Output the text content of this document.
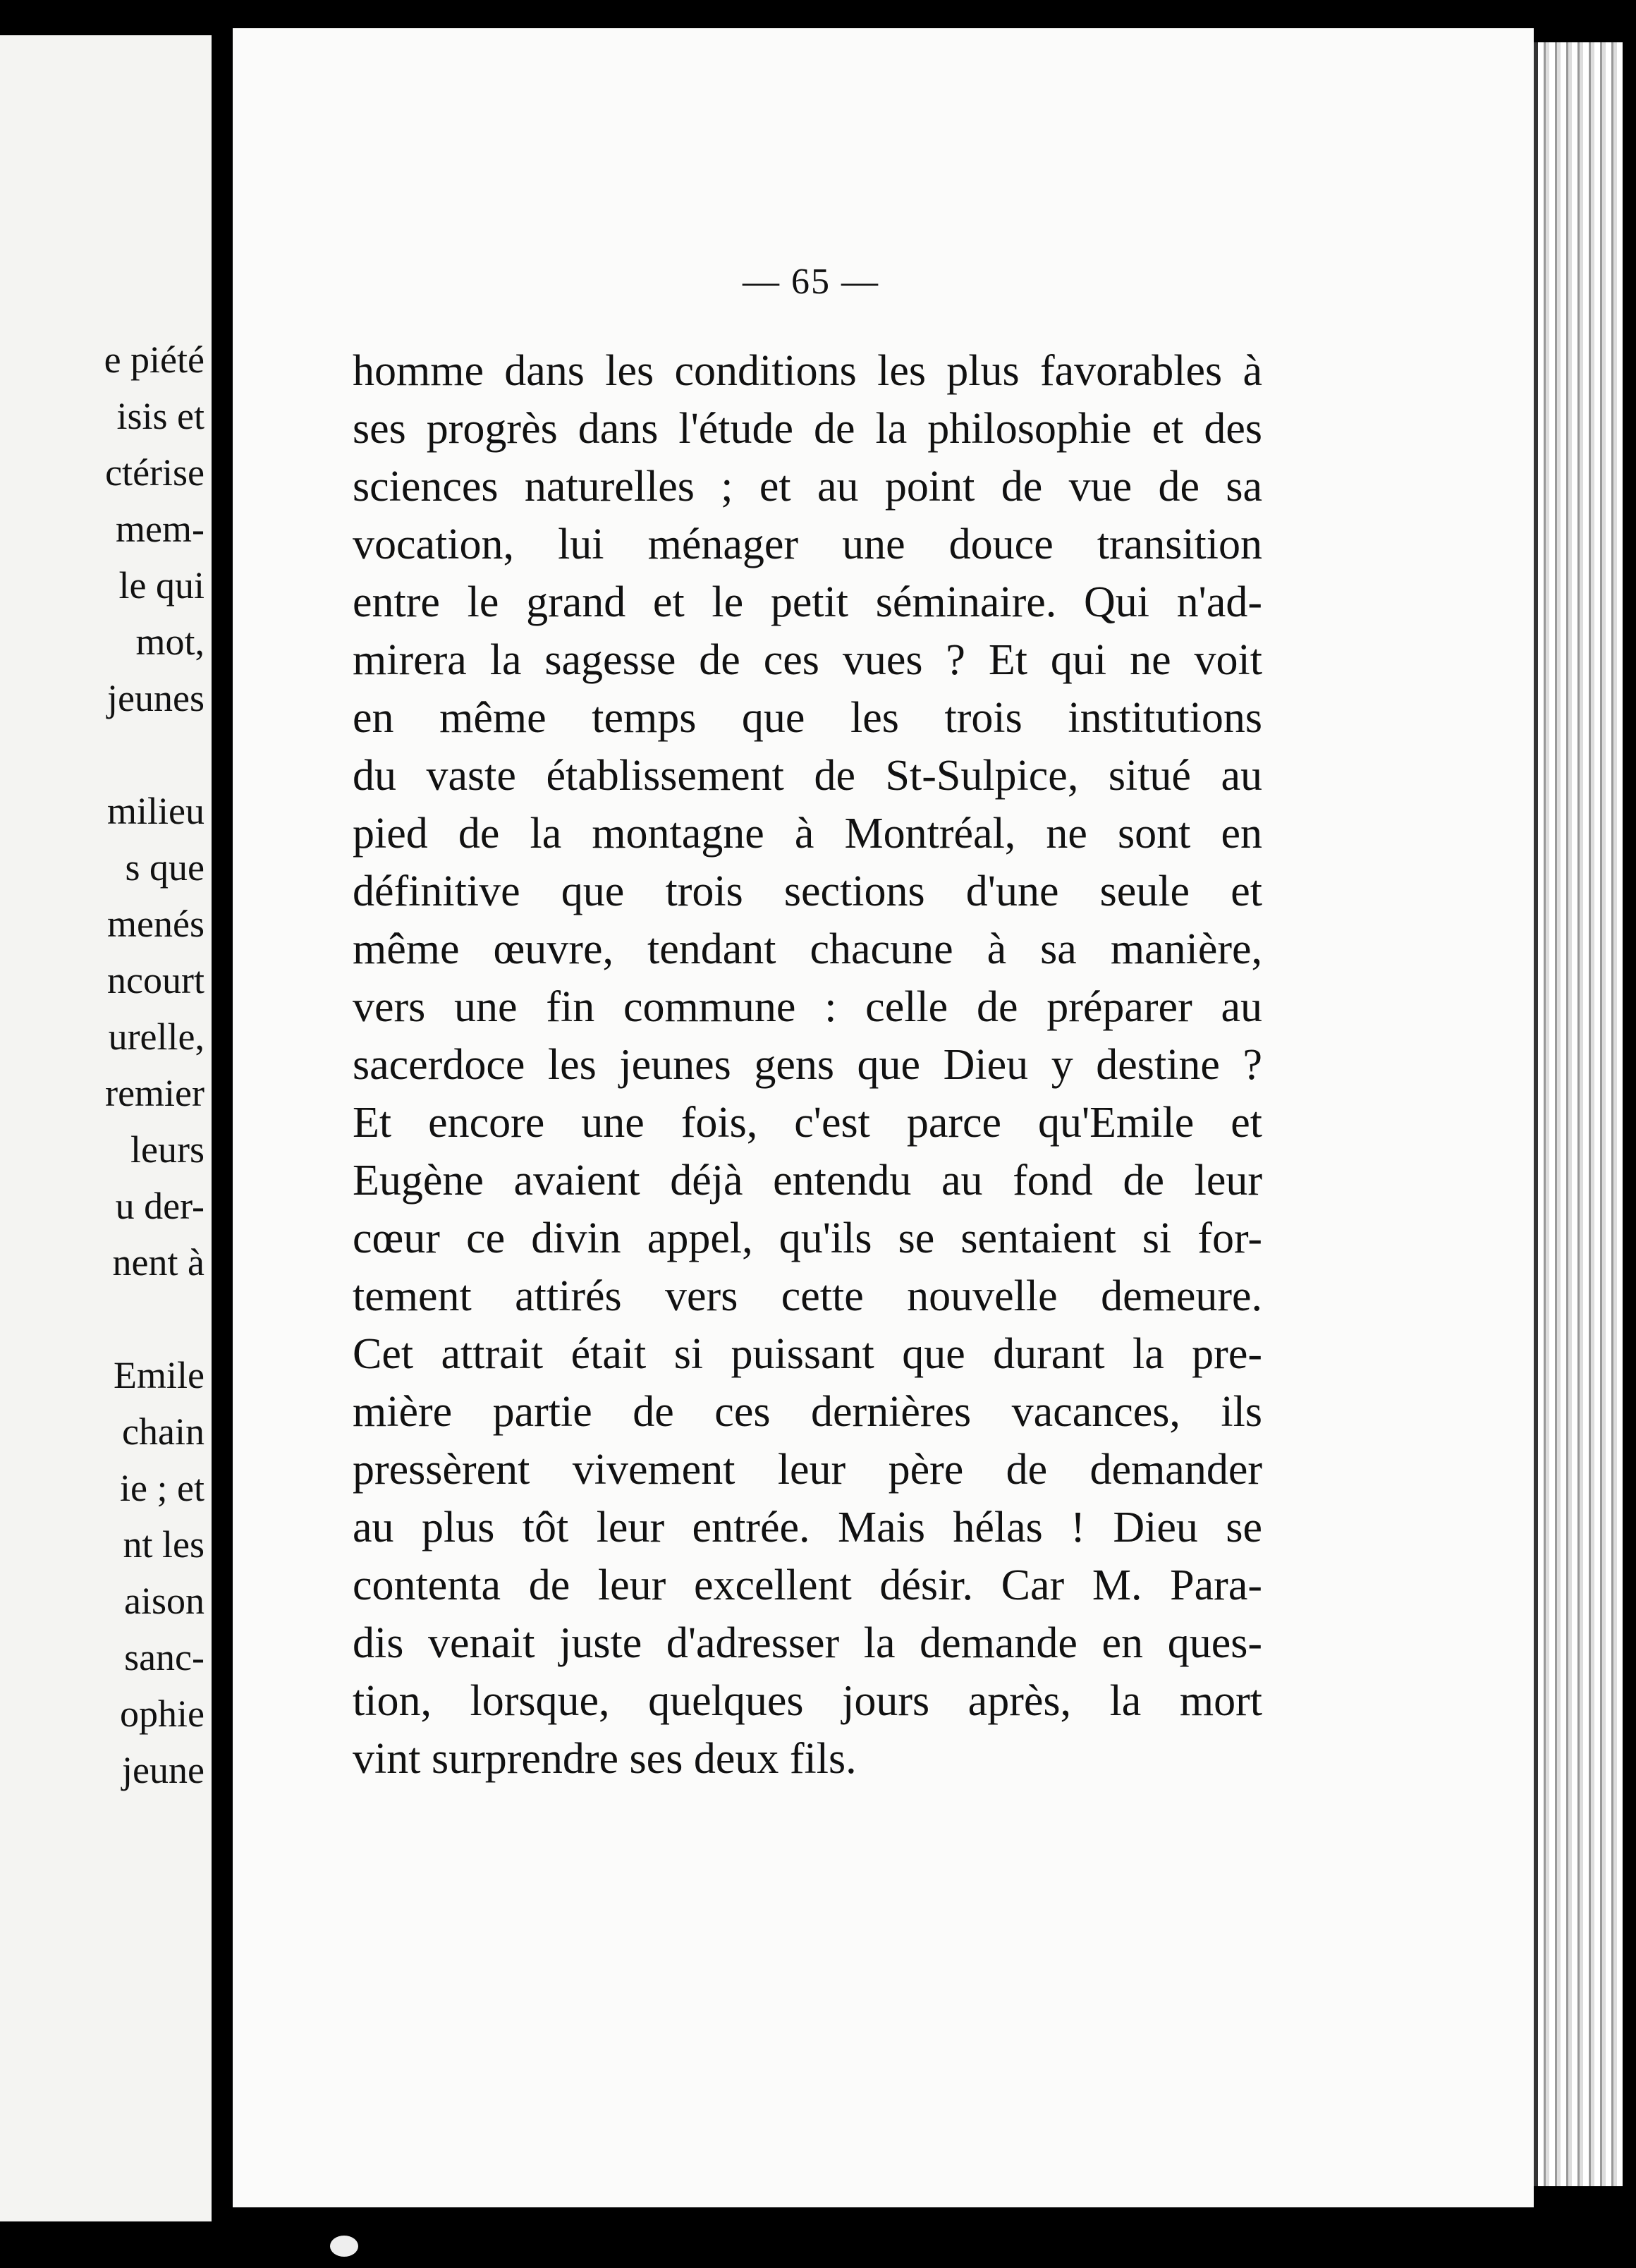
e piété
isis et
ctérise
mem-
le qui
mot,
jeunes
milieu
s que
menés
ncourt
urelle,
remier
leurs
u der-
nent à
Emile
chain
ie ; et
nt les
aison
sanc-
ophie
jeune
— 65 —
homme dans les conditions les plus favorables à
ses progrès dans l'étude de la philosophie et des
sciences naturelles ; et au point de vue de sa
vocation, lui ménager une douce transition
entre le grand et le petit séminaire. Qui n'ad-
mirera la sagesse de ces vues ? Et qui ne voit
en même temps que les trois institutions
du vaste établissement de St-Sulpice, situé au
pied de la montagne à Montréal, ne sont en
définitive que trois sections d'une seule et
même œuvre, tendant chacune à sa manière,
vers une fin commune : celle de préparer au
sacerdoce les jeunes gens que Dieu y destine ?
Et encore une fois, c'est parce qu'Emile et
Eugène avaient déjà entendu au fond de leur
cœur ce divin appel, qu'ils se sentaient si for-
tement attirés vers cette nouvelle demeure.
Cet attrait était si puissant que durant la pre-
mière partie de ces dernières vacances, ils
pressèrent vivement leur père de demander
au plus tôt leur entrée. Mais hélas ! Dieu se
contenta de leur excellent désir. Car M. Para-
dis venait juste d'adresser la demande en ques-
tion, lorsque, quelques jours après, la mort
vint surprendre ses deux fils.
